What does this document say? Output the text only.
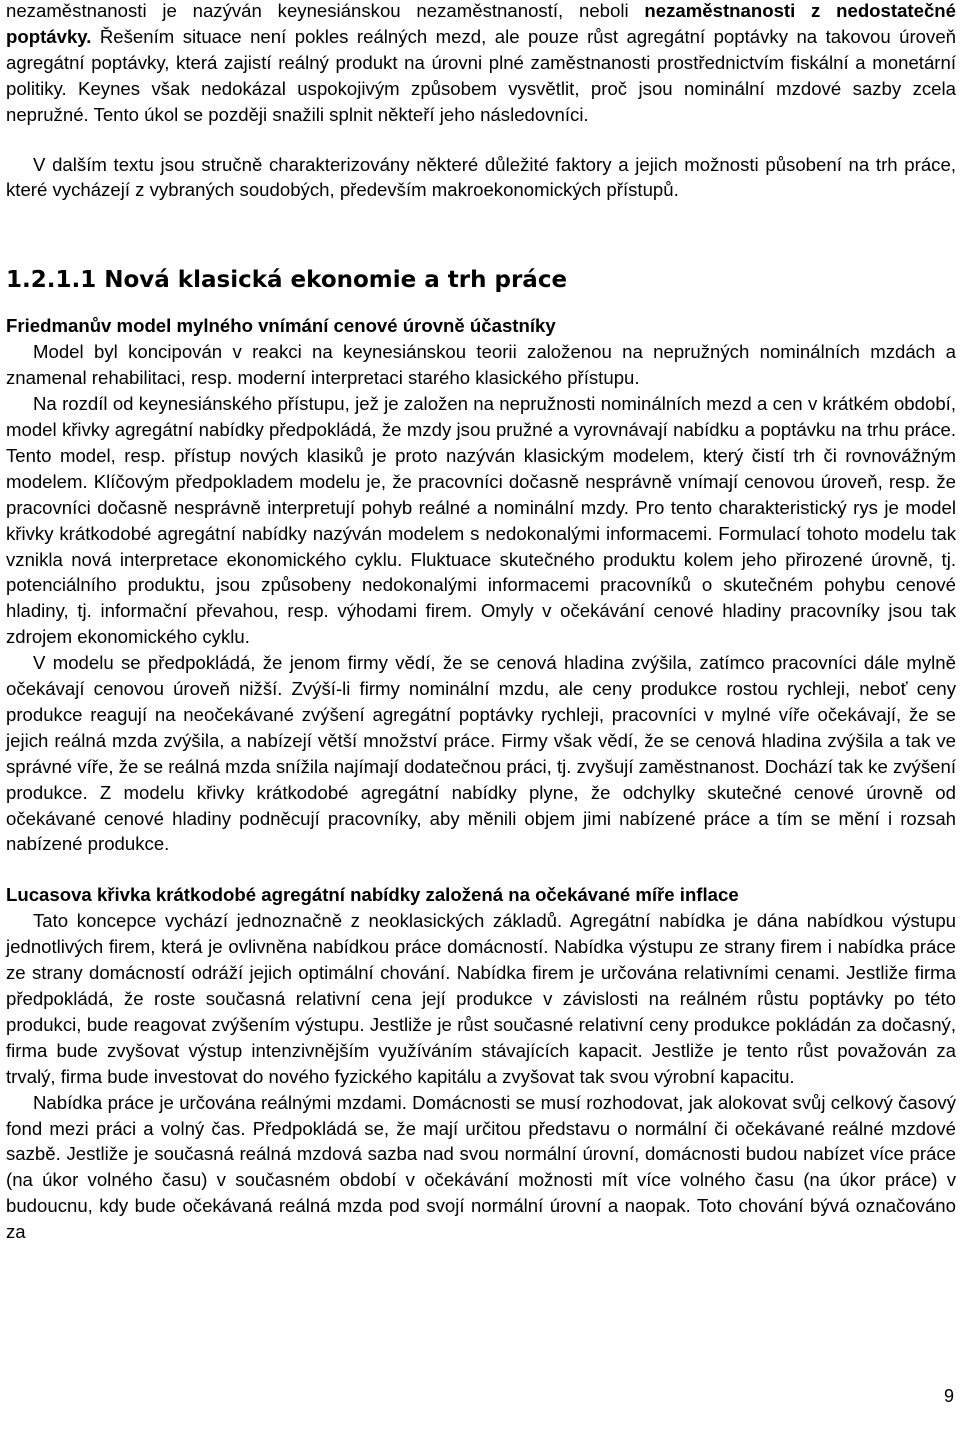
nezaměstnanosti je nazýván keynesiánskou nezaměstnaností, neboli nezaměstnanosti z nedostatečné poptávky. Řešením situace není pokles reálných mezd, ale pouze růst agregátní poptávky na takovou úroveň agregátní poptávky, která zajistí reálný produkt na úrovni plné zaměstnanosti prostřednictvím fiskální a monetární politiky. Keynes však nedokázal uspokojivým způsobem vysvětlit, proč jsou nominální mzdové sazby zcela nepružné. Tento úkol se později snažili splnit někteří jeho následovníci.

V dalším textu jsou stručně charakterizovány některé důležité faktory a jejich možnosti působení na trh práce, které vycházejí z vybraných soudobých, především makroekonomických přístupů.

1.2.1.1 Nová klasická ekonomie a trh práce
Friedmanův model mylného vnímání cenové úrovně účastníky

Model byl koncipován v reakci na keynesiánskou teorii založenou na nepružných nominálních mzdách a znamenal rehabilitaci, resp. moderní interpretaci starého klasického přístupu.

Na rozdíl od keynesiánského přístupu, jež je založen na nepružnosti nominálních mezd a cen v krátkém období, model křivky agregátní nabídky předpokládá, že mzdy jsou pružné a vyrovnávají nabídku a poptávku na trhu práce. Tento model, resp. přístup nových klasiků je proto nazýván klasickým modelem, který čistí trh či rovnovážným modelem. Klíčovým předpokladem modelu je, že pracovníci dočasně nesprávně vnímají cenovou úroveň, resp. že pracovníci dočasně nesprávně interpretují pohyb reálné a nominální mzdy. Pro tento charakteristický rys je model křivky krátkodobé agregátní nabídky nazýván modelem s nedokonalými informacemi. Formulací tohoto modelu tak vznikla nová interpretace ekonomického cyklu. Fluktuace skutečného produktu kolem jeho přirozené úrovně, tj. potenciálního produktu, jsou způsobeny nedokonalými informacemi pracovníků o skutečném pohybu cenové hladiny, tj. informační převahou, resp. výhodami firem. Omyly v očekávání cenové hladiny pracovníky jsou tak zdrojem ekonomického cyklu.

V modelu se předpokládá, že jenom firmy vědí, že se cenová hladina zvýšila, zatímco pracovníci dále mylně očekávají cenovou úroveň nižší. Zvýší-li firmy nominální mzdu, ale ceny produkce rostou rychleji, neboť ceny produkce reagují na neočekávané zvýšení agregátní poptávky rychleji, pracovníci v mylné víře očekávají, že se jejich reálná mzda zvýšila, a nabízejí větší množství práce. Firmy však vědí, že se cenová hladina zvýšila a tak ve správné víře, že se reálná mzda snížila najímají dodatečnou práci, tj. zvyšují zaměstnanost. Dochází tak ke zvýšení produkce. Z modelu křivky krátkodobé agregátní nabídky plyne, že odchylky skutečné cenové úrovně od očekávané cenové hladiny podněcují pracovníky, aby měnili objem jimi nabízené práce a tím se mění i rozsah nabízené produkce.

Lucasova křivka krátkodobé agregátní nabídky založená na očekávané míře inflace

Tato koncepce vychází jednoznačně z neoklasických základů. Agregátní nabídka je dána nabídkou výstupu jednotlivých firem, která je ovlivněna nabídkou práce domácností. Nabídka výstupu ze strany firem i nabídka práce ze strany domácností odráží jejich optimální chování. Nabídka firem je určována relativními cenami. Jestliže firma předpokládá, že roste současná relativní cena její produkce v závislosti na reálném růstu poptávky po této produkci, bude reagovat zvýšením výstupu. Jestliže je růst současné relativní ceny produkce pokládán za dočasný, firma bude zvyšovat výstup intenzivnějším využíváním stávajících kapacit. Jestliže je tento růst považován za trvalý, firma bude investovat do nového fyzického kapitálu a zvyšovat tak svou výrobní kapacitu.

Nabídka práce je určována reálnými mzdami. Domácnosti se musí rozhodovat, jak alokovat svůj celkový časový fond mezi práci a volný čas. Předpokládá se, že mají určitou představu o normální či očekávané reálné mzdové sazbě. Jestliže je současná reálná mzdová sazba nad svou normální úrovní, domácnosti budou nabízet více práce (na úkor volného času) v současném období v očekávání možnosti mít více volného času (na úkor práce) v budoucnu, kdy bude očekávaná reálná mzda pod svojí normální úrovní a naopak. Toto chování bývá označováno za

9
